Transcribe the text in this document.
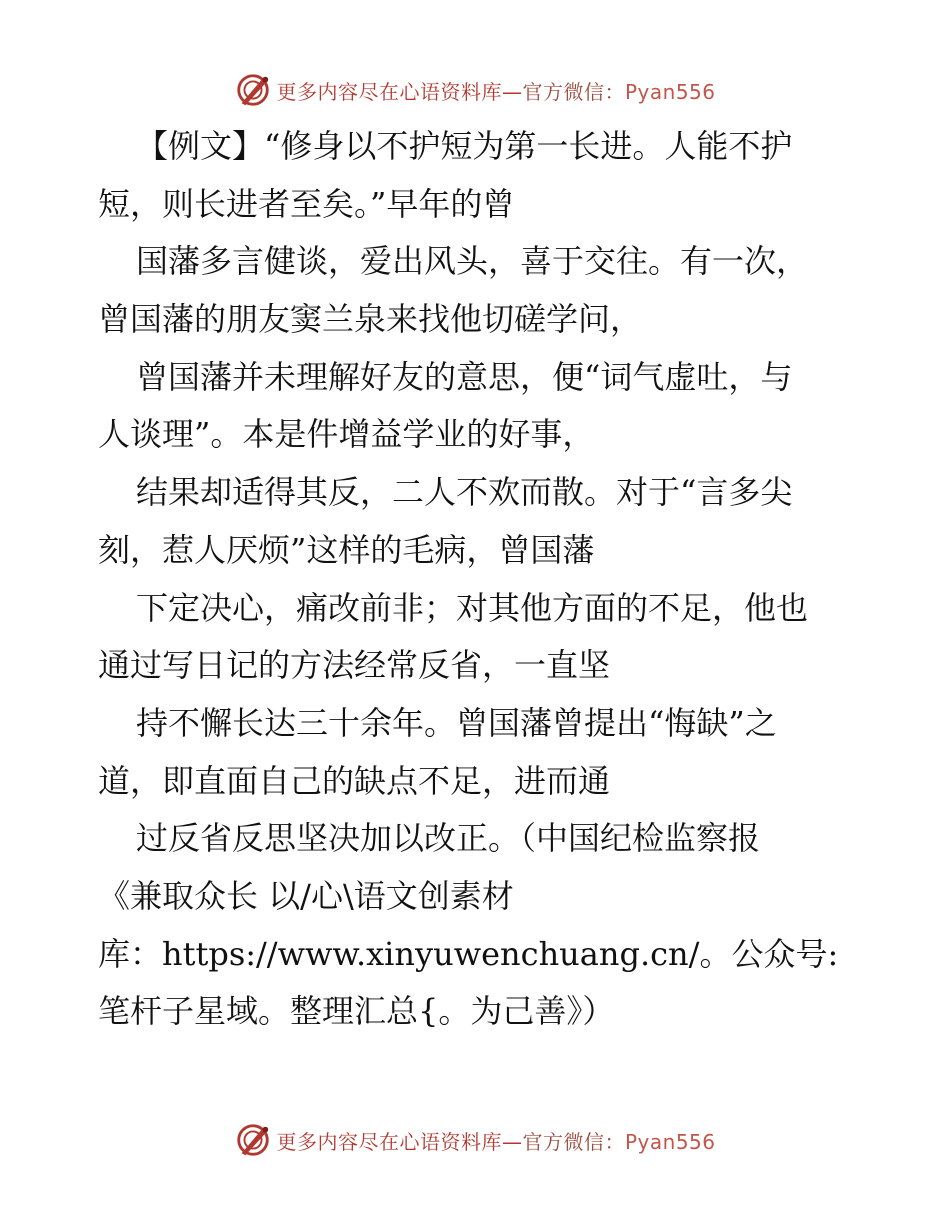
更多内容尽在心语资料库—官方微信：Pyan556
【例文】“修身以不护短为第一长进。人能不护
短，则长进者至矣。”早年的曾
国藩多言健谈，爱出风头，喜于交往。有一次，
曾国藩的朋友窦兰泉来找他切磋学问，
曾国藩并未理解好友的意思，便“词气虚吐，与
人谈理”。本是件增益学业的好事，
结果却适得其反，二人不欢而散。对于“言多尖
刻，惹人厌烦”这样的毛病，曾国藩
下定决心，痛改前非；对其他方面的不足，他也
通过写日记的方法经常反省，一直坚
持不懈长达三十余年。曾国藩曾提出“悔缺”之
道，即直面自己的缺点不足，进而通
过反省反思坚决加以改正。（中国纪检监察报
《兼取众长 以/心\语文创素材
库：https://www.xinyuwenchuang.cn/。公众号:
笔杆子星域。整理汇总{。为己善》）
更多内容尽在心语资料库—官方微信：Pyan556
